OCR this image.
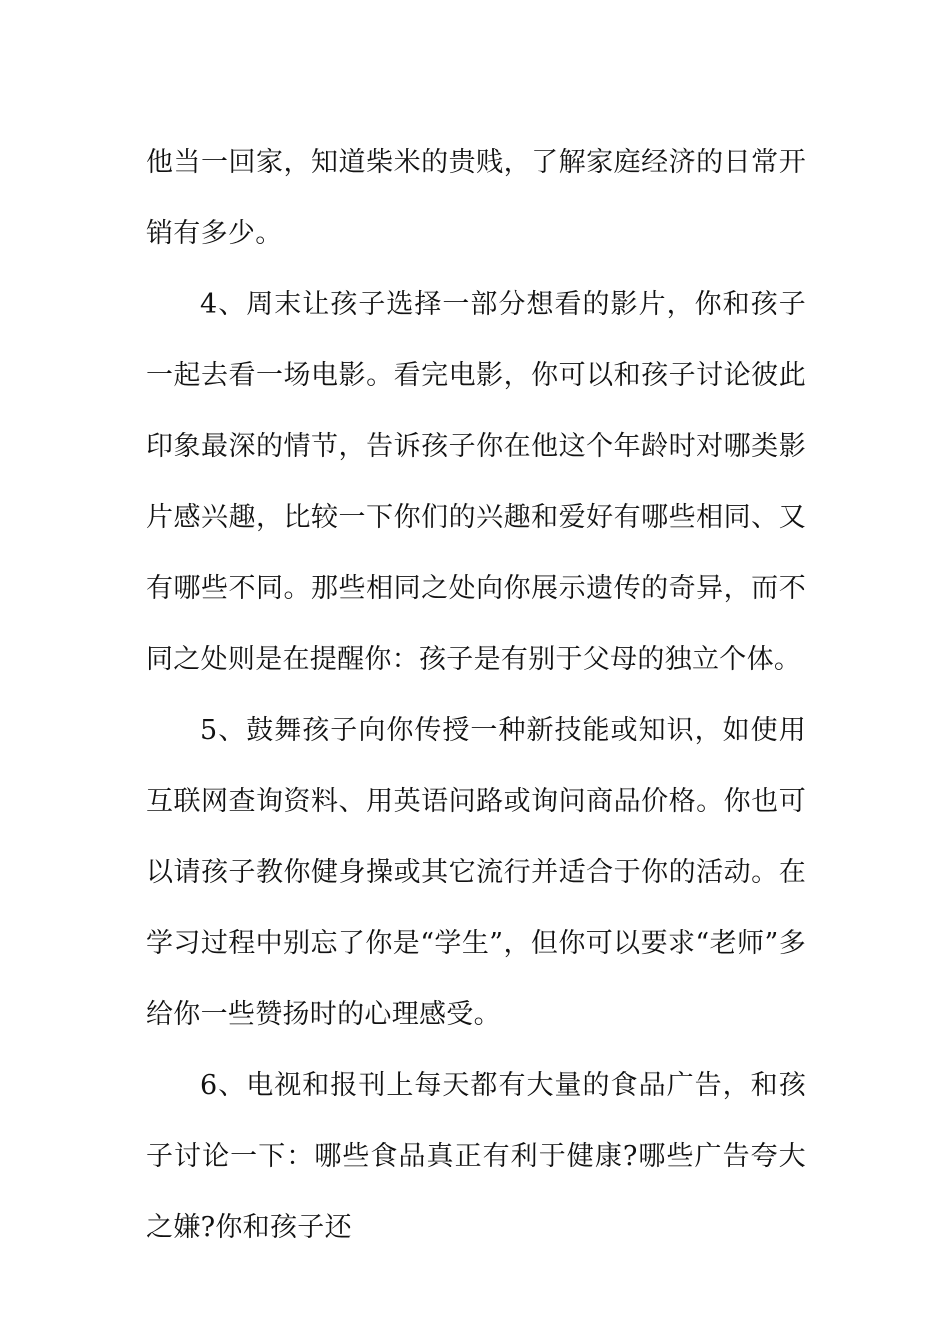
他当一回家，知道柴米的贵贱，了解家庭经济的日常开销有多少。

4、周末让孩子选择一部分想看的影片，你和孩子一起去看一场电影。看完电影，你可以和孩子讨论彼此印象最深的情节，告诉孩子你在他这个年龄时对哪类影片感兴趣，比较一下你们的兴趣和爱好有哪些相同、又有哪些不同。那些相同之处向你展示遗传的奇异，而不同之处则是在提醒你：孩子是有别于父母的独立个体。

5、鼓舞孩子向你传授一种新技能或知识，如使用互联网查询资料、用英语问路或询问商品价格。你也可以请孩子教你健身操或其它流行并适合于你的活动。在学习过程中别忘了你是“学生”，但你可以要求“老师”多给你一些赞扬时的心理感受。

6、电视和报刊上每天都有大量的食品广告，和孩子讨论一下：哪些食品真正有利于健康?哪些广告夸大之嫌?你和孩子还
